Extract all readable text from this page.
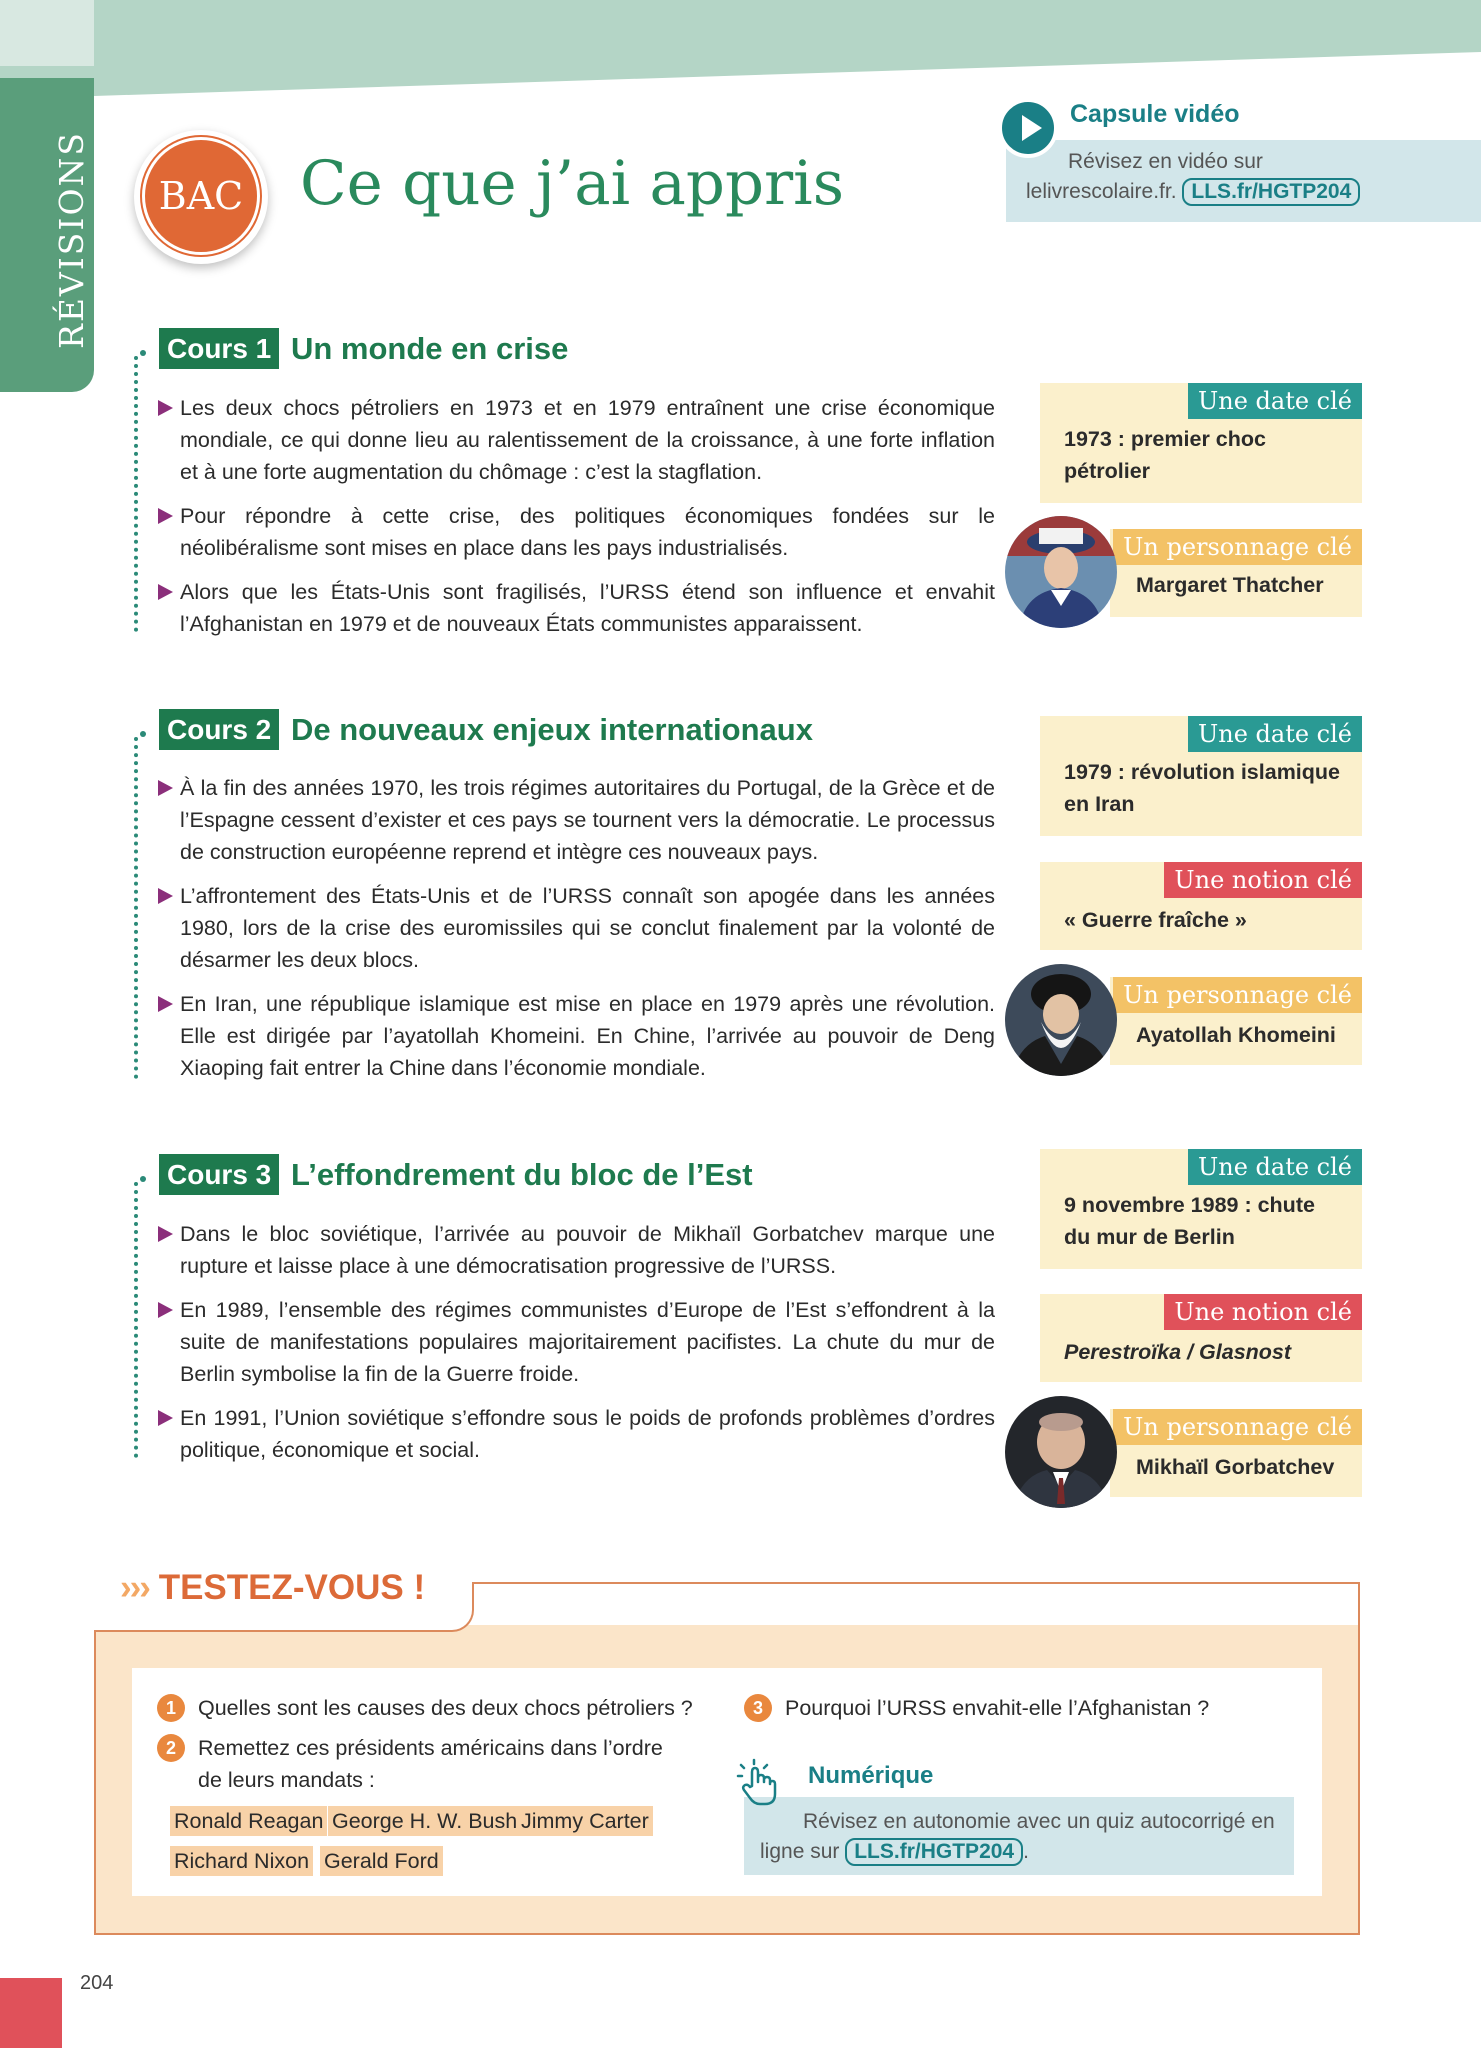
RÉVISIONS	BAC Ce que j’ai appris
Capsule vidéo
Révisez en vidéo sur
lelivrescolaire.fr. LLS.fr/HGTP204
Cours 1 Un monde en crise
Les deux chocs pétroliers en 1973 et en 1979 entraînent une crise économique mondiale, ce qui donne lieu au ralentissement de la croissance, à une forte inflation et à une forte augmentation du chômage : c’est la stagflation.
Pour répondre à cette crise, des politiques économiques fondées sur le néolibéralisme sont mises en place dans les pays industrialisés.
Alors que les États-Unis sont fragilisés, l’URSS étend son influence et envahit l’Afghanistan en 1979 et de nouveaux États communistes apparaissent.
Une date clé
1973 : premier choc pétrolier
Un personnage clé
Margaret Thatcher
Cours 2 De nouveaux enjeux internationaux
À la fin des années 1970, les trois régimes autoritaires du Portugal, de la Grèce et de l’Espagne cessent d’exister et ces pays se tournent vers la démocratie. Le processus de construction européenne reprend et intègre ces nouveaux pays.
L’affrontement des États-Unis et de l’URSS connaît son apogée dans les années 1980, lors de la crise des euromissiles qui se conclut finalement par la volonté de désarmer les deux blocs.
En Iran, une république islamique est mise en place en 1979 après une révolution. Elle est dirigée par l’ayatollah Khomeini. En Chine, l’arrivée au pouvoir de Deng Xiaoping fait entrer la Chine dans l’économie mondiale.
Une date clé
1979 : révolution islamique en Iran
Une notion clé
« Guerre fraîche »
Un personnage clé
Ayatollah Khomeini
Cours 3 L’effondrement du bloc de l’Est
Dans le bloc soviétique, l’arrivée au pouvoir de Mikhaïl Gorbatchev marque une rupture et laisse place à une démocratisation progressive de l’URSS.
En 1989, l’ensemble des régimes communistes d’Europe de l’Est s’effondrent à la suite de manifestations populaires majoritairement pacifistes. La chute du mur de Berlin symbolise la fin de la Guerre froide.
En 1991, l’Union soviétique s’effondre sous le poids de profonds problèmes d’ordres politique, économique et social.
Une date clé
9 novembre 1989 : chute du mur de Berlin
Une notion clé
Perestroïka / Glasnost
Un personnage clé
Mikhaïl Gorbatchev
››› TESTEZ-VOUS !
1	Quelles sont les causes des deux chocs pétroliers ?
2	Remettez ces présidents américains dans l’ordre
de leurs mandats :
Ronald Reagan George H. W. Bush Jimmy Carter
Richard Nixon Gerald Ford
3	Pourquoi l’URSS envahit-elle l’Afghanistan ?
Numérique
Révisez en autonomie avec un quiz autocorrigé en
ligne sur LLS.fr/HGTP204 .
204
